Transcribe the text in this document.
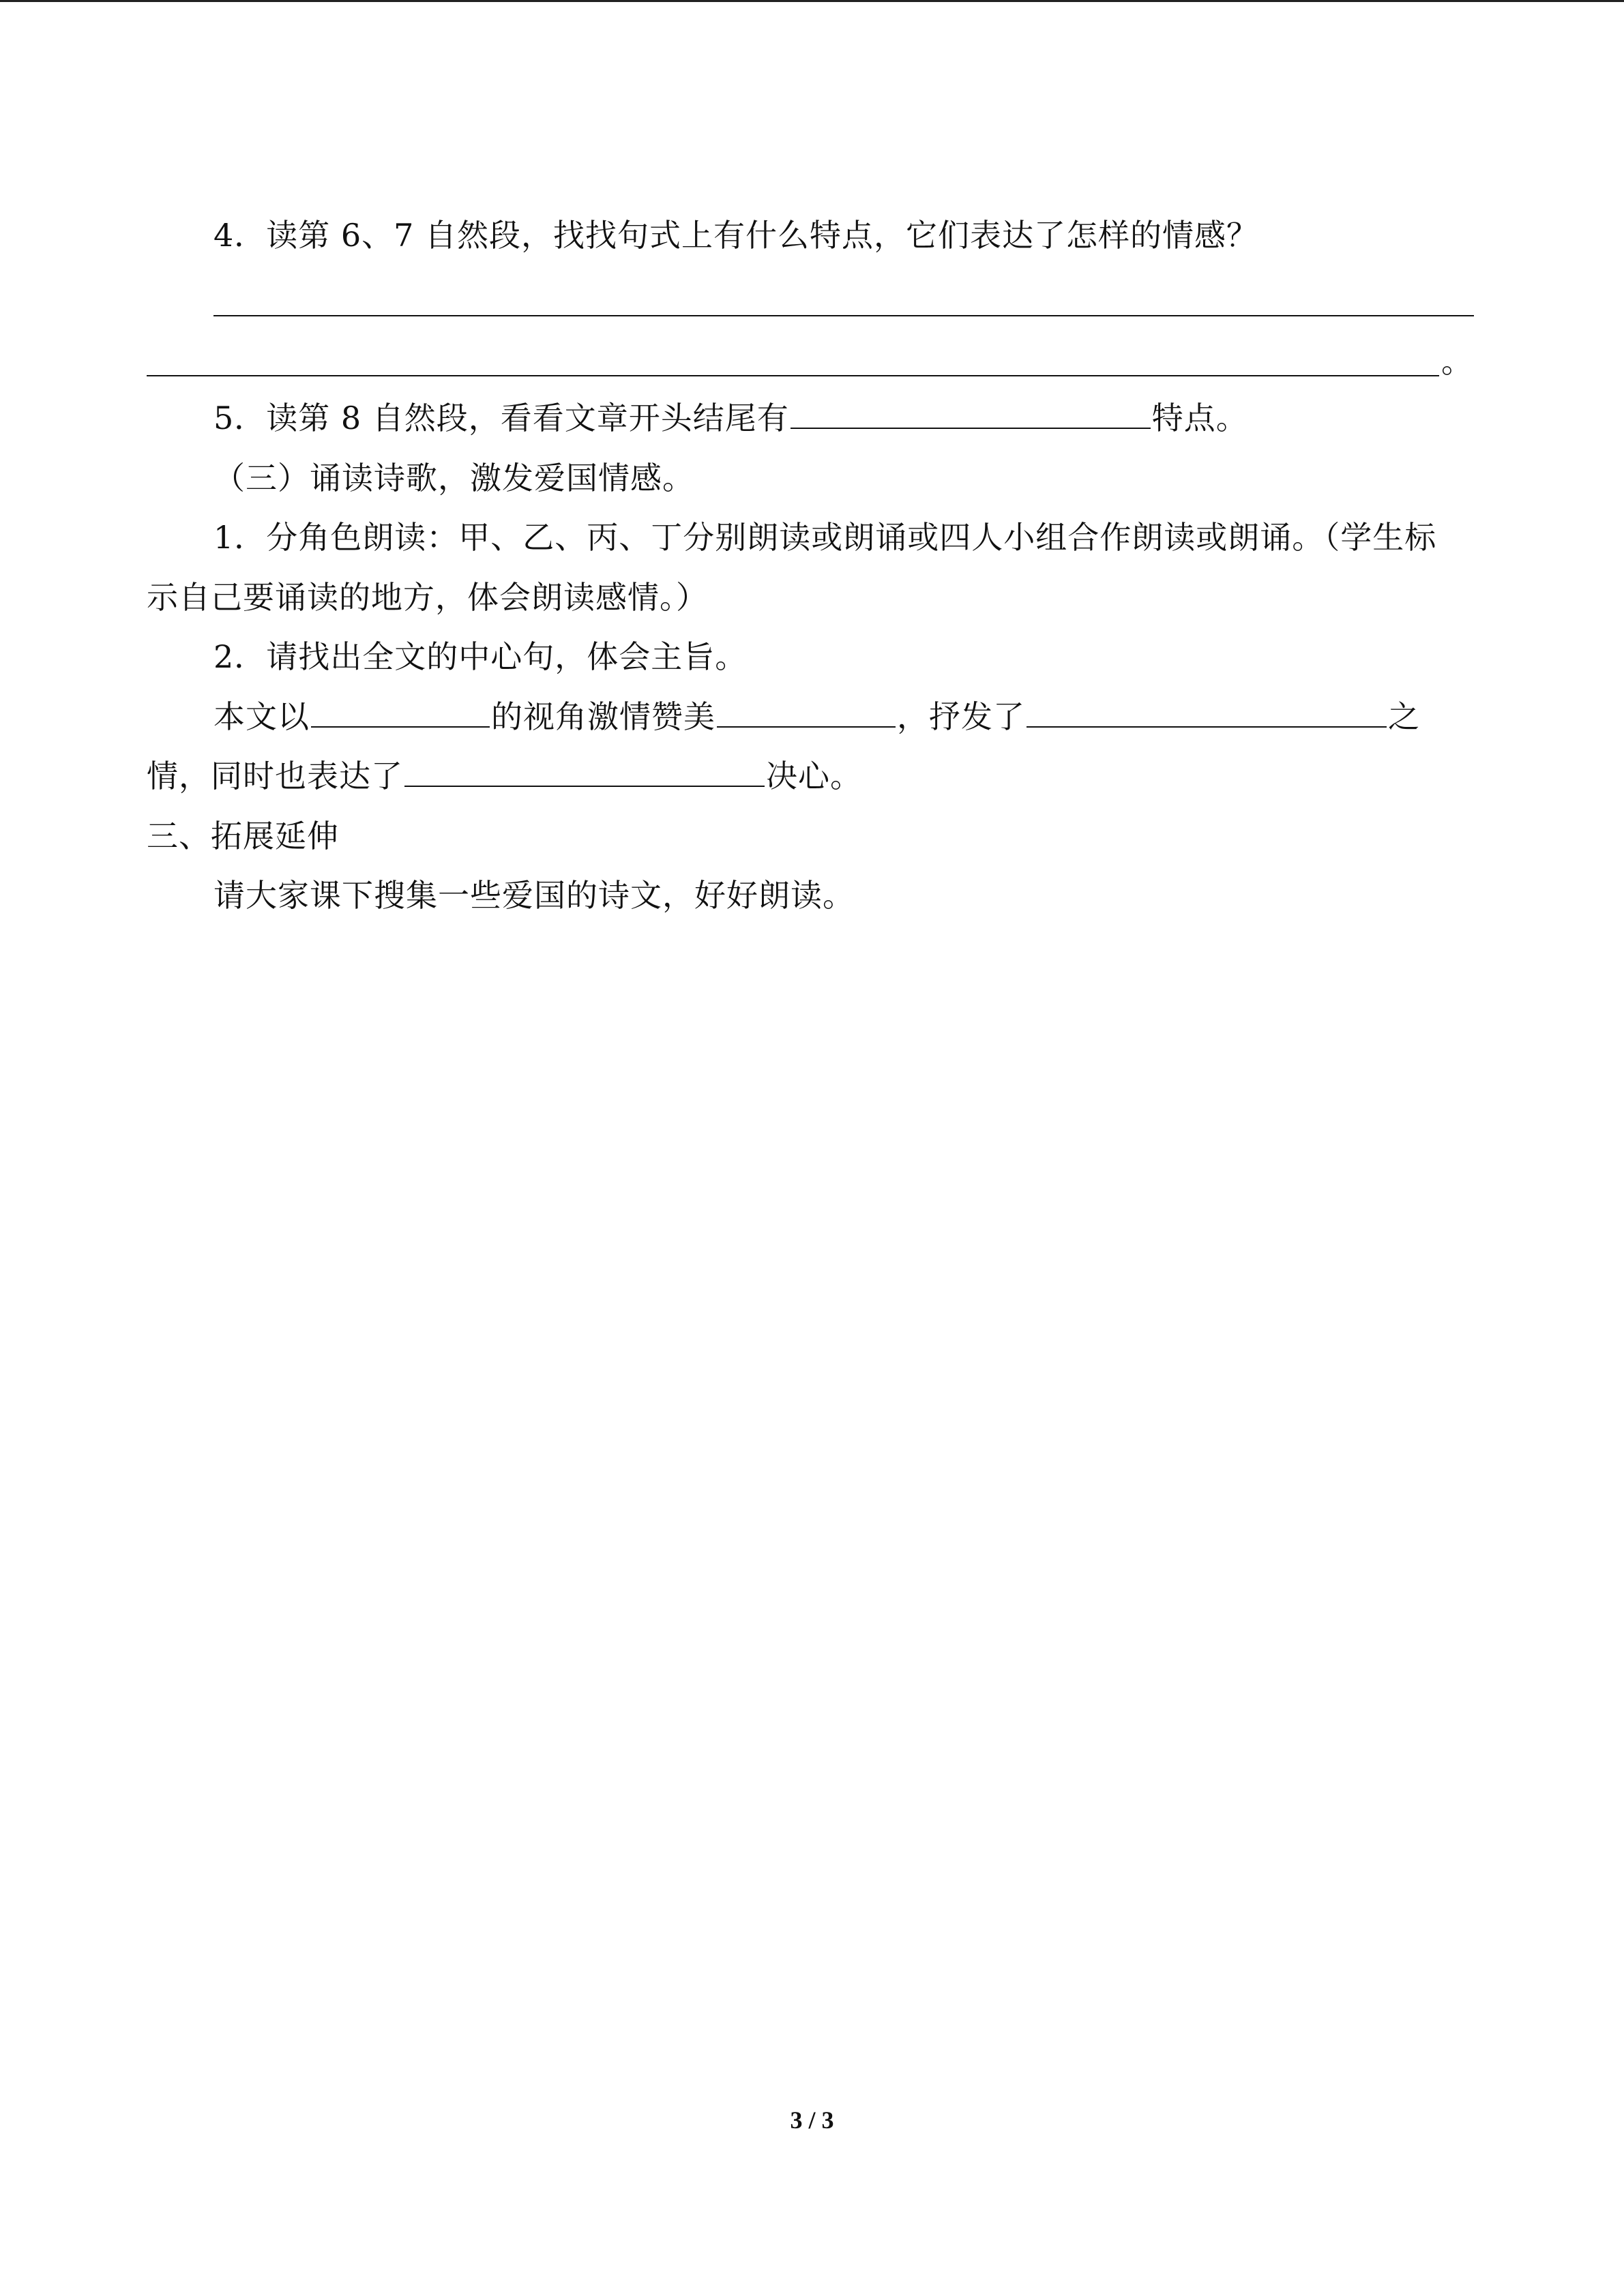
4．读第 6、7 自然段，找找句式上有什么特点，它们表达了怎样的情感？
。
5．读第 8 自然段，看看文章开头结尾有	特点。
（三）诵读诗歌，激发爱国情感。
1．分角色朗读：甲、乙、丙、丁分别朗读或朗诵或四人小组合作朗读或朗诵。（学生标
示自己要诵读的地方，体会朗读感情。）
2．请找出全文的中心句，体会主旨。
本文以	的视角激情赞美	，抒发了	之
情，同时也表达了	决心。
三、拓展延伸
请大家课下搜集一些爱国的诗文，好好朗读。
3 / 3
